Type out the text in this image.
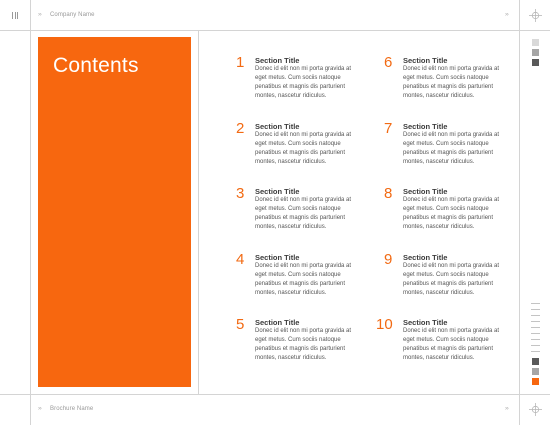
›› Company Name	››
›› Brochure Name	››
Contents	1 Section Title
Donec id elit non mi porta gravida at eget metus. Cum sociis natoque penatibus et magnis dis parturient montes, nascetur ridiculus.
2 Section Title
Donec id elit non mi porta gravida at eget metus. Cum sociis natoque penatibus et magnis dis parturient montes, nascetur ridiculus.
3 Section Title
Donec id elit non mi porta gravida at eget metus. Cum sociis natoque penatibus et magnis dis parturient montes, nascetur ridiculus.
4 Section Title
Donec id elit non mi porta gravida at eget metus. Cum sociis natoque penatibus et magnis dis parturient montes, nascetur ridiculus.
5 Section Title
Donec id elit non mi porta gravida at eget metus. Cum sociis natoque penatibus et magnis dis parturient montes, nascetur ridiculus.
6 Section Title
Donec id elit non mi porta gravida at eget metus. Cum sociis natoque penatibus et magnis dis parturient montes, nascetur ridiculus.
7 Section Title
Donec id elit non mi porta gravida at eget metus. Cum sociis natoque penatibus et magnis dis parturient montes, nascetur ridiculus.
8 Section Title
Donec id elit non mi porta gravida at eget metus. Cum sociis natoque penatibus et magnis dis parturient montes, nascetur ridiculus.
9 Section Title
Donec id elit non mi porta gravida at eget metus. Cum sociis natoque penatibus et magnis dis parturient montes, nascetur ridiculus.
10 Section Title
Donec id elit non mi porta gravida at eget metus. Cum sociis natoque penatibus et magnis dis parturient montes, nascetur ridiculus.
